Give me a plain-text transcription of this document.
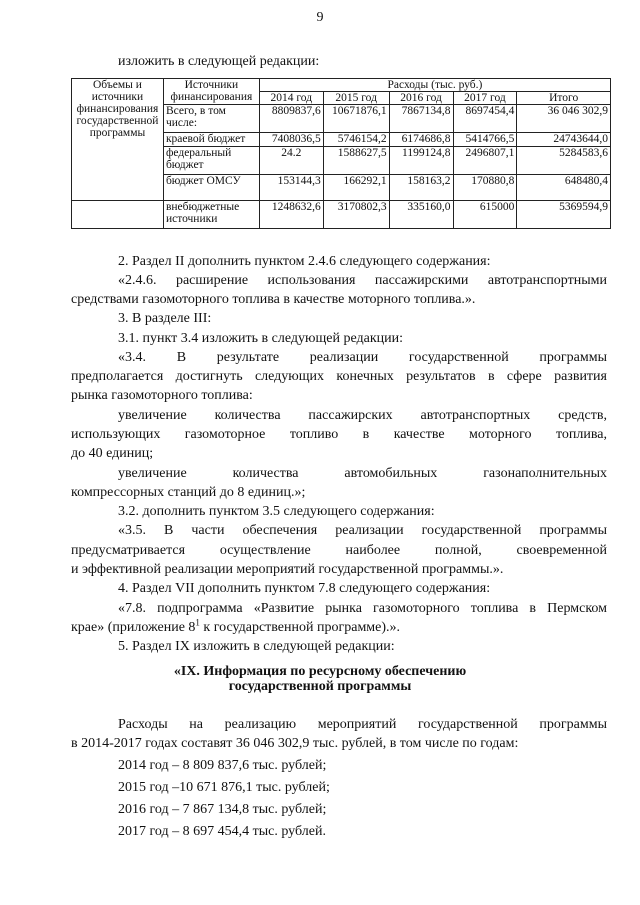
9
изложить в следующей редакции:
Объемы и источники финансирования государственной программы	Источники финансирования	Расходы (тыс. руб.)				
		2014 год	2015 год	2016 год	2017 год	Итого
	Всего, в том числе:	8809837,6	10671876,1	7867134,8	8697454,4	36 046 302,9
	краевой бюджет	7408036,5	5746154,2	6174686,8	5414766,5	24743644,0
	федеральный бюджет	24.2	1588627,5	1199124,8	2496807,1	5284583,6
	бюджет ОМСУ	153144,3	166292,1	158163,2	170880,8	648480,4
	внебюджетные источники	1248632,6	3170802,3	335160,0	615000	5369594,9
2. Раздел II дополнить пунктом 2.4.6 следующего содержания:
«2.4.6. расширение использования пассажирскими автотранспортными
средствами газомоторного топлива в качестве моторного топлива.».
3. В разделе III:
3.1. пункт 3.4 изложить в следующей редакции:
«3.4. В результате реализации государственной программы
предполагается достигнуть следующих конечных результатов в сфере развития
рынка газомоторного топлива:
увеличение количества пассажирских автотранспортных средств,
использующих газомоторное топливо в качестве моторного топлива,
до 40 единиц;
увеличение количества автомобильных газонаполнительных
компрессорных станций до 8 единиц.»;
3.2. дополнить пунктом 3.5 следующего содержания:
«3.5. В части обеспечения реализации государственной программы
предусматривается осуществление наиболее полной, своевременной
и эффективной реализации мероприятий государственной программы.».
4. Раздел VII дополнить пунктом 7.8 следующего содержания:
«7.8. подпрограмма «Развитие рынка газомоторного топлива в Пермском
крае» (приложение $8^1$ к государственной программе).».
5. Раздел IX изложить в следующей редакции:
«IX. Информация по ресурсному обеспечению
государственной программы
Расходы на реализацию мероприятий государственной программы
в 2014-2017 годах составят 36 046 302,9 тыс. рублей, в том числе по годам:
2014 год – 8 809 837,6 тыс. рублей;
2015 год –10 671 876,1 тыс. рублей;
2016 год – 7 867 134,8 тыс. рублей;
2017 год – 8 697 454,4 тыс. рублей.
